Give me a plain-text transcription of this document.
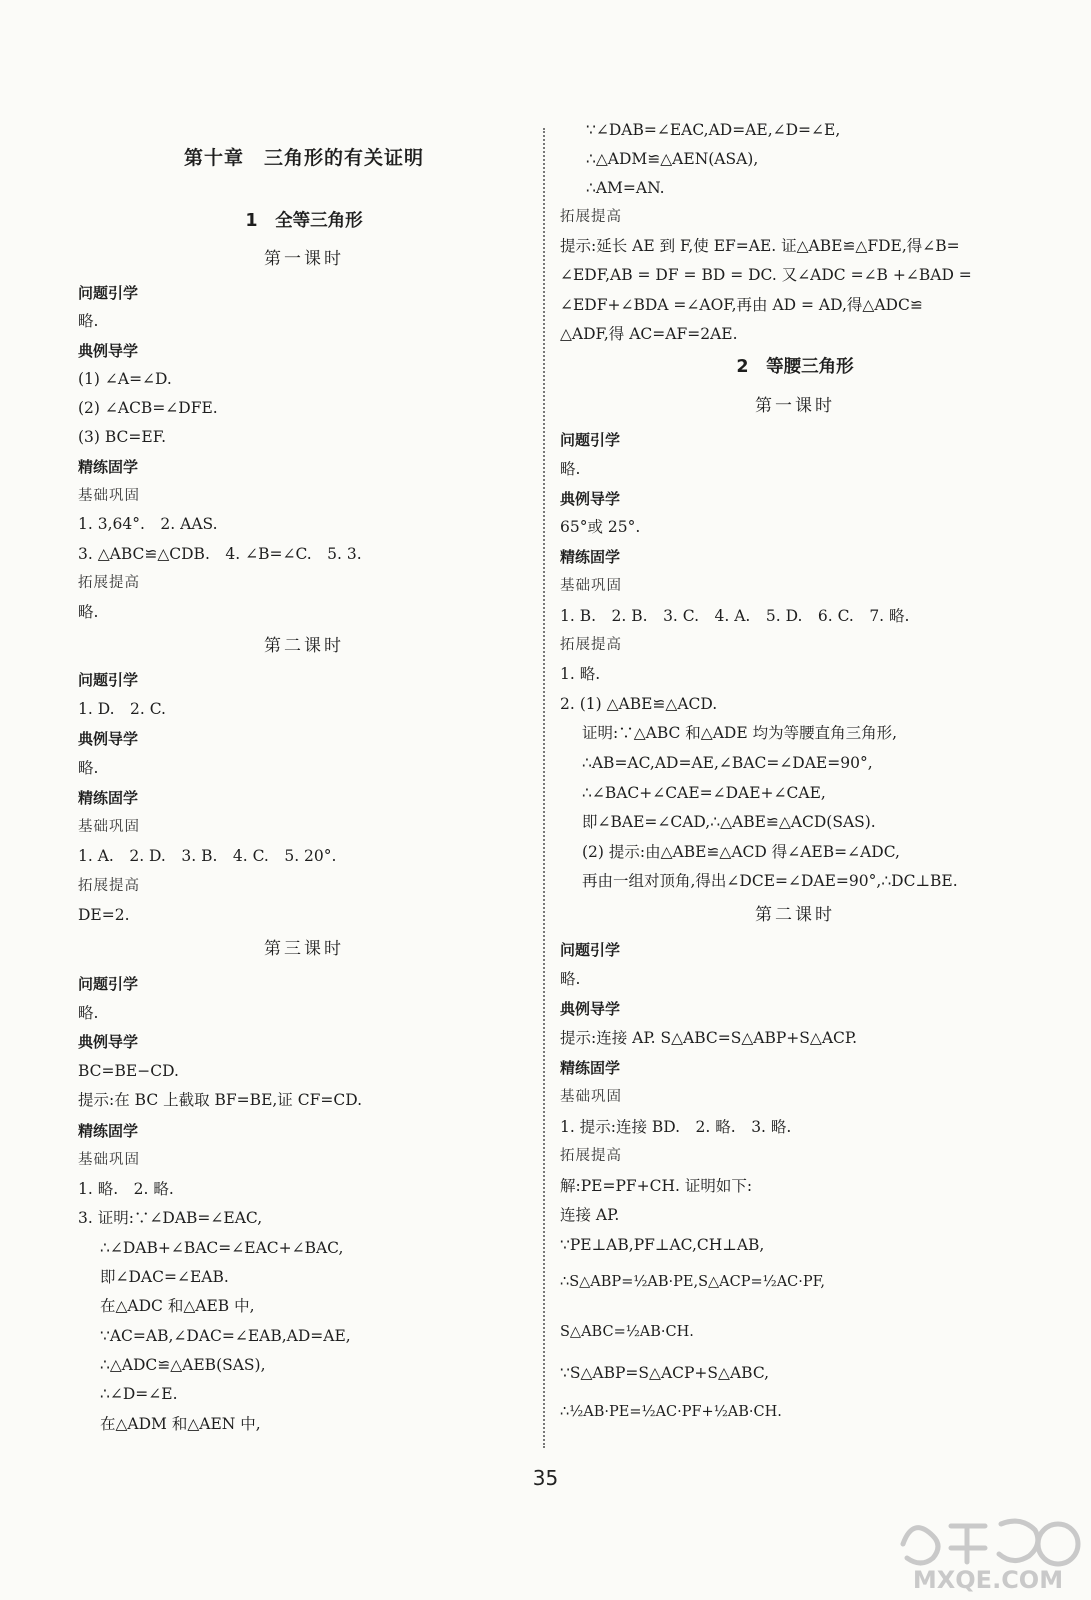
第十章　三角形的有关证明
1　全等三角形
第一课时
问题引学
略.
典例导学
(1) ∠A=∠D.
(2) ∠ACB=∠DFE.
(3) BC=EF.
精练固学
基础巩固
1. 3,64°.　2. AAS.
3. △ABC≌△CDB.　4. ∠B=∠C.　5. 3.
拓展提高
略.
第二课时
问题引学
1. D.　2. C.
典例导学
略.
精练固学
基础巩固
1. A.　2. D.　3. B.　4. C.　5. 20°.
拓展提高
DE=2.
第三课时
问题引学
略.
典例导学
BC=BE−CD.
提示:在 BC 上截取 BF=BE,证 CF=CD.
精练固学
基础巩固
1. 略.　2. 略.
3. 证明:∵∠DAB=∠EAC,
∴∠DAB+∠BAC=∠EAC+∠BAC,
即∠DAC=∠EAB.
在△ADC 和△AEB 中,
∵AC=AB,∠DAC=∠EAB,AD=AE,
∴△ADC≌△AEB(SAS),
∴∠D=∠E.
在△ADM 和△AEN 中,
∵∠DAB=∠EAC,AD=AE,∠D=∠E,
∴△ADM≌△AEN(ASA),
∴AM=AN.
拓展提高
提示:延长 AE 到 F,使 EF=AE. 证△ABE≌△FDE,得∠B=
∠EDF,AB = DF = BD = DC. 又∠ADC =∠B +∠BAD =
∠EDF+∠BDA =∠AOF,再由 AD = AD,得△ADC≌
△ADF,得 AC=AF=2AE.
2　等腰三角形
第一课时
问题引学
略.
典例导学
65°或 25°.
精练固学
基础巩固
1. B.　2. B.　3. C.　4. A.　5. D.　6. C.　7. 略.
拓展提高
1. 略.
2. (1) △ABE≌△ACD.
证明:∵△ABC 和△ADE 均为等腰直角三角形,
∴AB=AC,AD=AE,∠BAC=∠DAE=90°,
∴∠BAC+∠CAE=∠DAE+∠CAE,
即∠BAE=∠CAD,∴△ABE≌△ACD(SAS).
(2) 提示:由△ABE≌△ACD 得∠AEB=∠ADC,
再由一组对顶角,得出∠DCE=∠DAE=90°,∴DC⊥BE.
第二课时
问题引学
略.
典例导学
提示:连接 AP. S△ABC=S△ABP+S△ACP.
精练固学
基础巩固
1. 提示:连接 BD.　2. 略.　3. 略.
拓展提高
解:PE=PF+CH. 证明如下:
连接 AP.
∵PE⊥AB,PF⊥AC,CH⊥AB,
∴S△ABP=½AB·PE,S△ACP=½AC·PF,
S△ABC=½AB·CH.
∵S△ABP=S△ACP+S△ABC,
∴½AB·PE=½AC·PF+½AB·CH.
35
MXQE.COM
